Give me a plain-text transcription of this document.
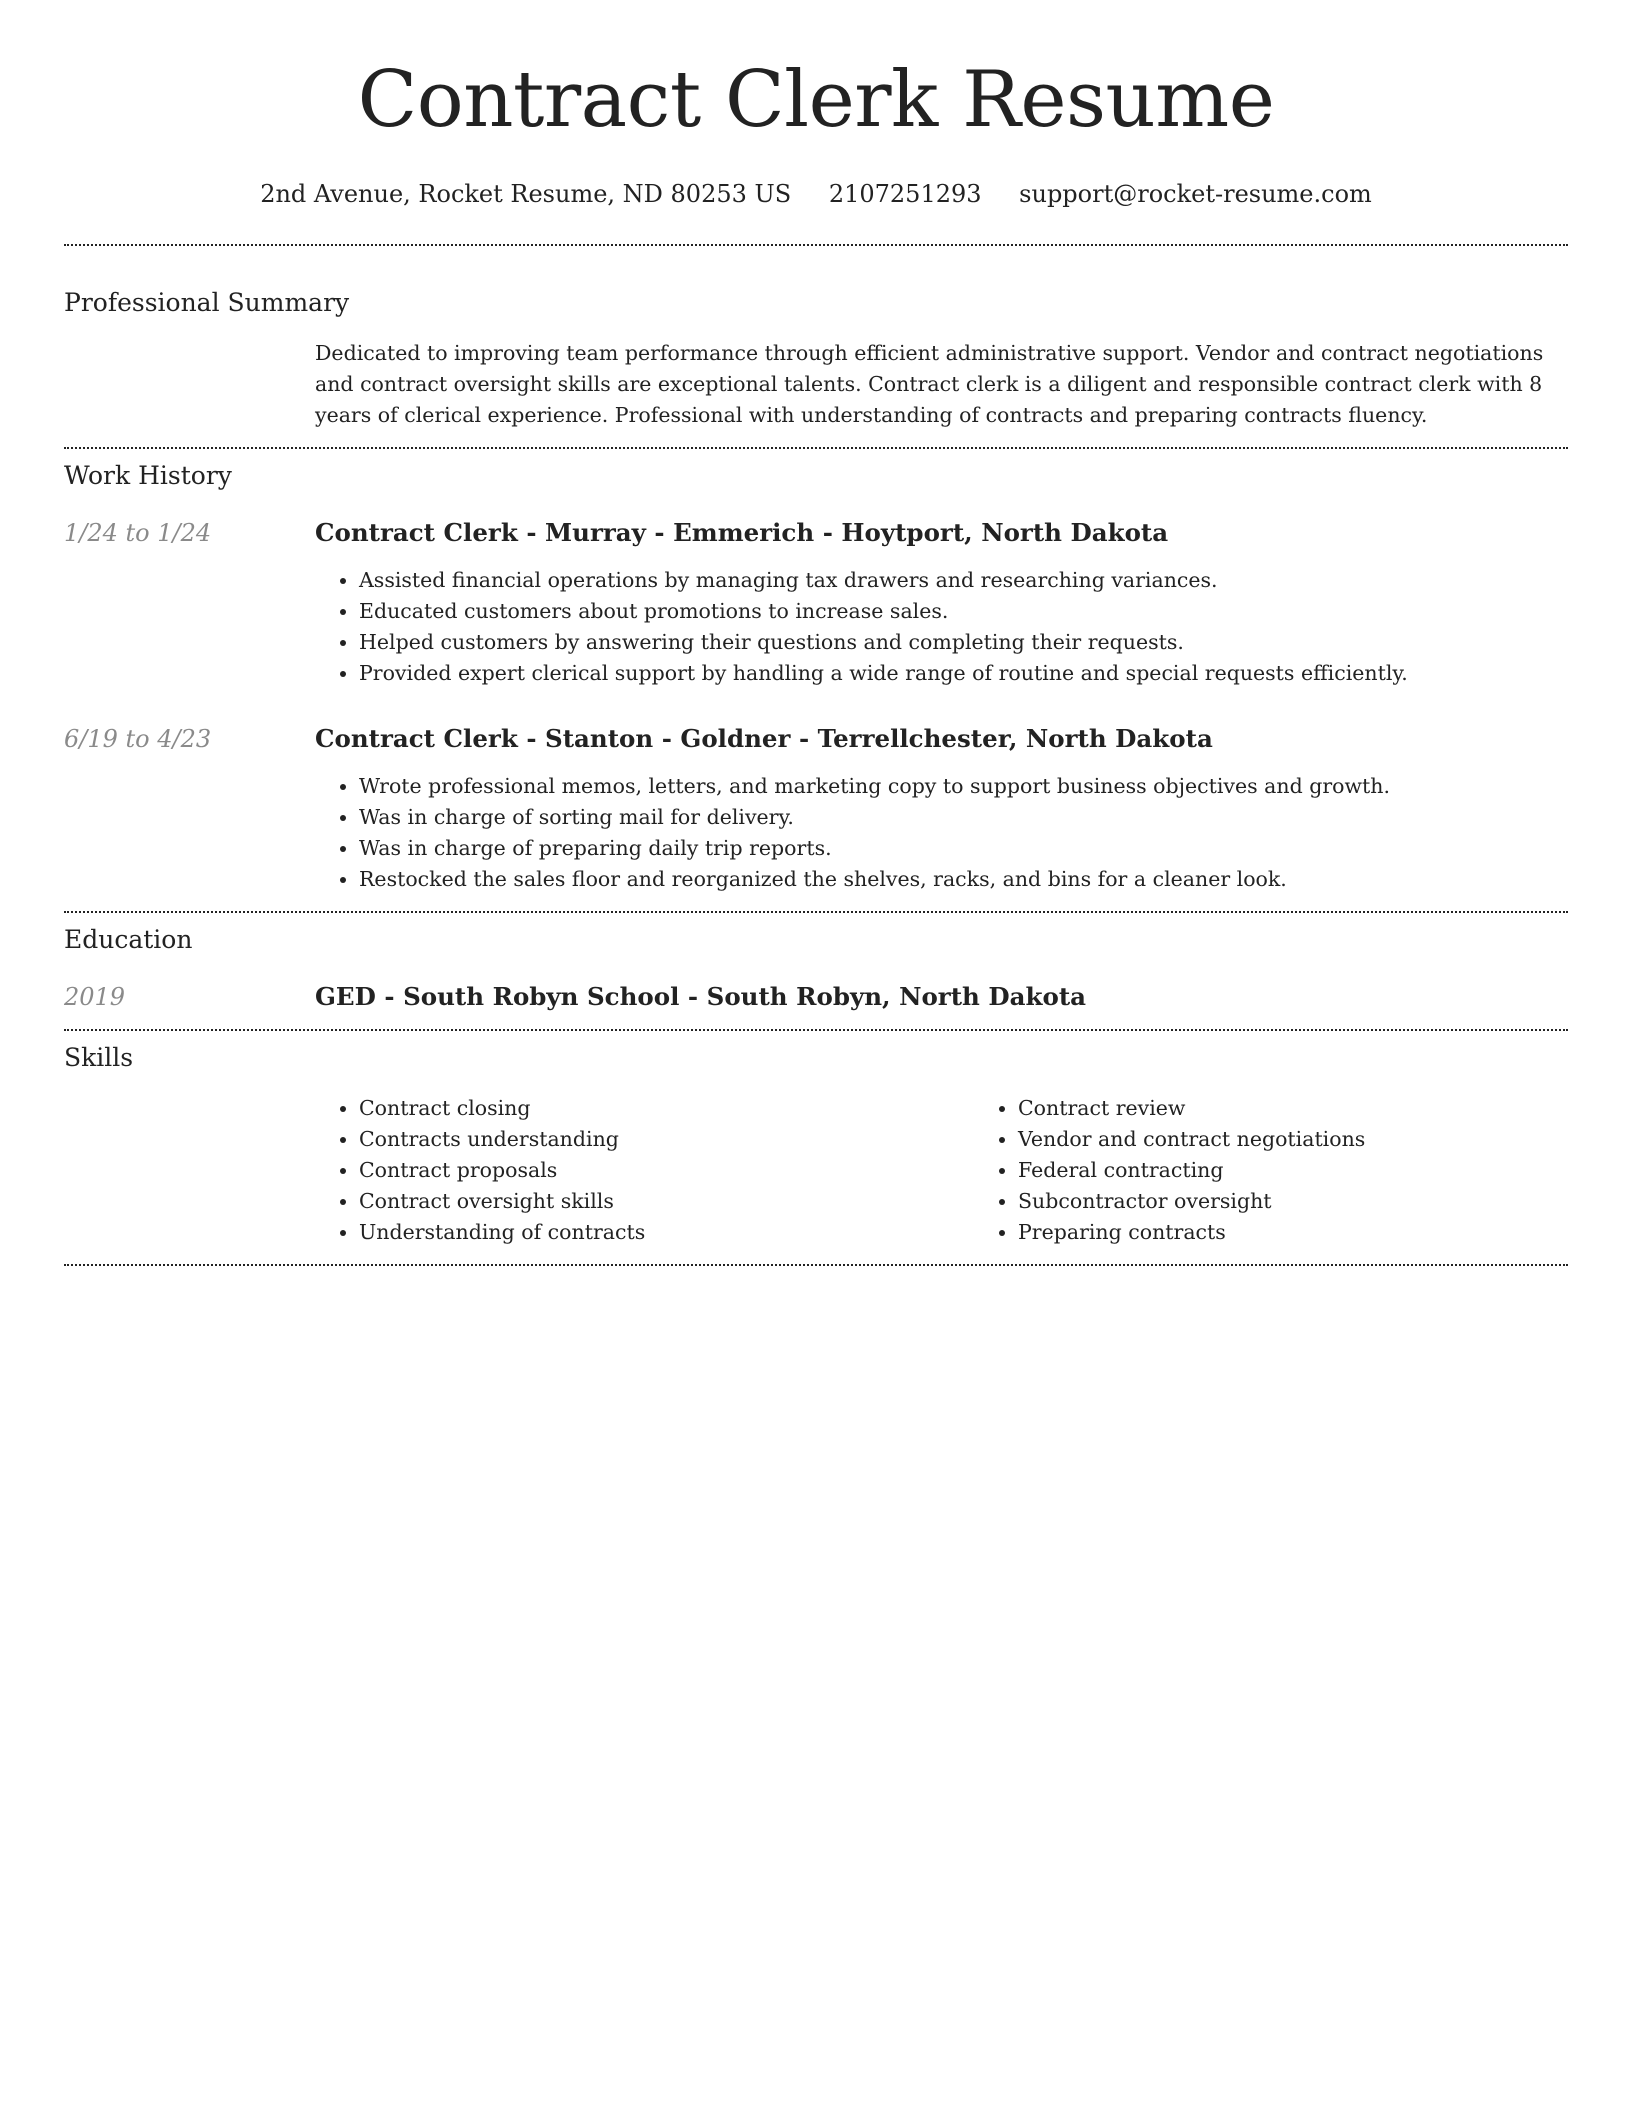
Contract Clerk Resume
2nd Avenue, Rocket Resume, ND 80253 US 2107251293 support@rocket-resume.com
Professional Summary

Dedicated to improving team performance through efficient administrative support. Vendor and contract negotiations and contract oversight skills are exceptional talents. Contract clerk is a diligent and responsible contract clerk with 8 years of clerical experience. Professional with understanding of contracts and preparing contracts fluency.

Work History
1/24 to 1/24	Contract Clerk - Murray - Emmerich - Hoytport, North Dakota
• Assisted financial operations by managing tax drawers and researching variances.
• Educated customers about promotions to increase sales.
• Helped customers by answering their questions and completing their requests.
• Provided expert clerical support by handling a wide range of routine and special requests efficiently.
6/19 to 4/23	Contract Clerk - Stanton - Goldner - Terrellchester, North Dakota
• Wrote professional memos, letters, and marketing copy to support business objectives and growth.
• Was in charge of sorting mail for delivery.
• Was in charge of preparing daily trip reports.
• Restocked the sales floor and reorganized the shelves, racks, and bins for a cleaner look.
Education
2019	GED - South Robyn School - South Robyn, North Dakota
Skills
• Contract closing
• Contracts understanding
• Contract proposals
• Contract oversight skills
• Understanding of contracts
• Contract review
• Vendor and contract negotiations
• Federal contracting
• Subcontractor oversight
• Preparing contracts
